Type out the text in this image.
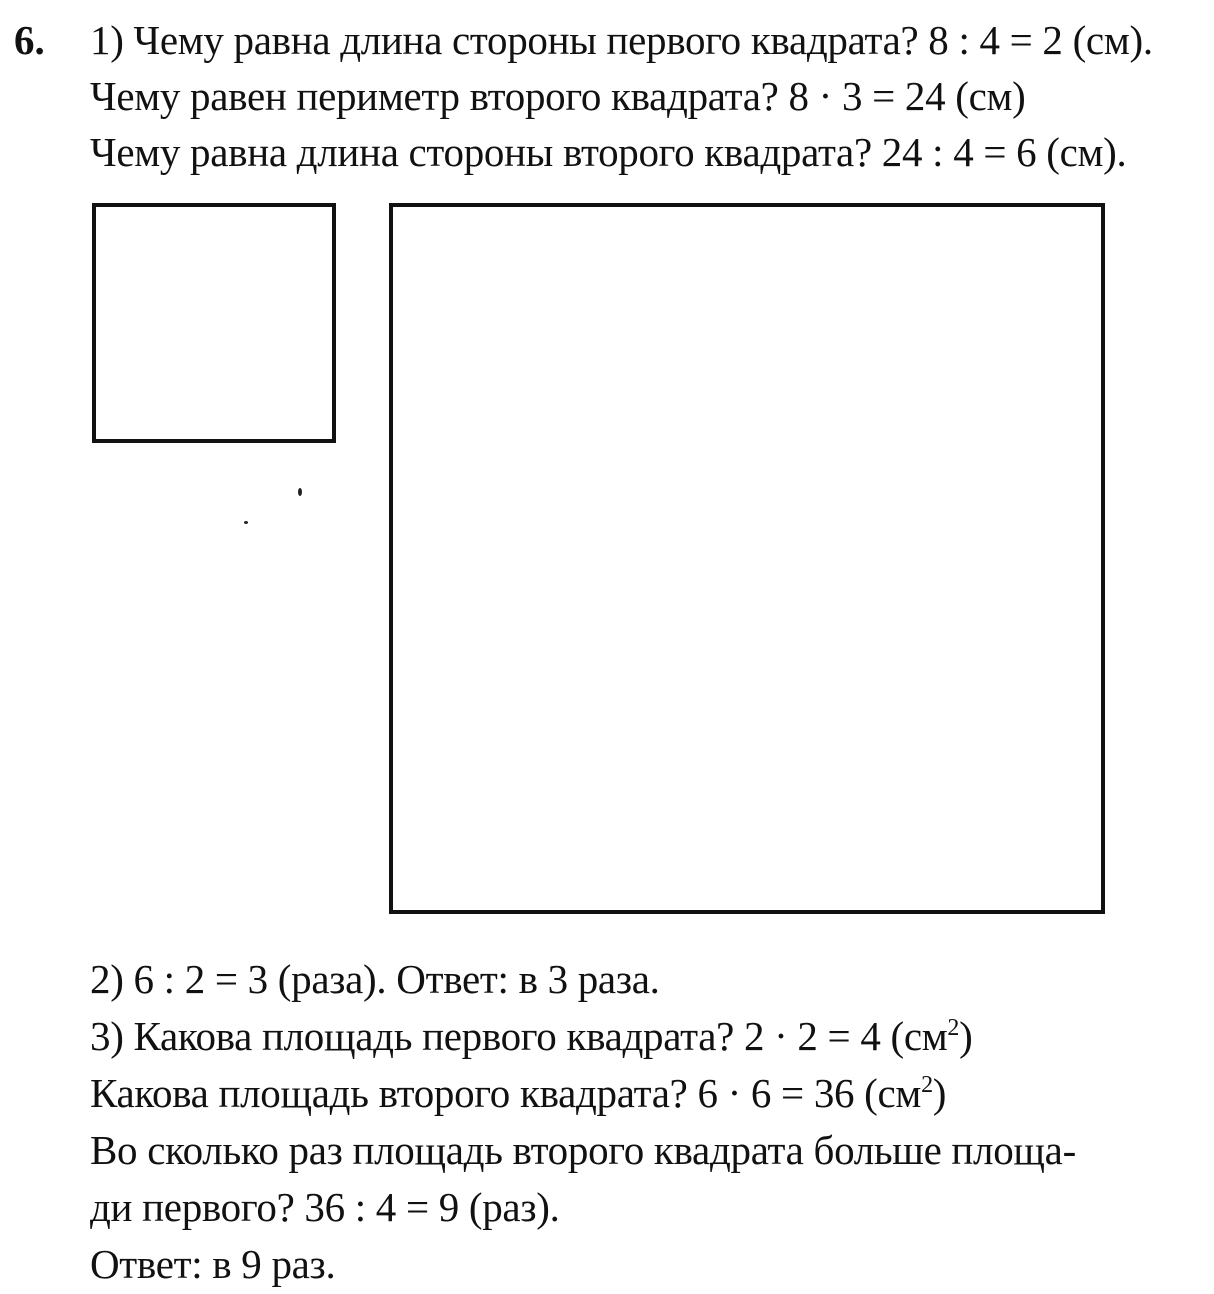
6. 1) Чему равна длина стороны первого квадрата? 8 : 4 = 2 (см).
Чему равен периметр второго квадрата? 8 · 3 = 24 (см)
Чему равна длина стороны второго квадрата? 24 : 4 = 6 (см).
2) 6 : 2 = 3 (раза). Ответ: в 3 раза.
3) Какова площадь первого квадрата? 2 · 2 = 4 $(см^2)$
Какова площадь второго квадрата? 6 · 6 = 36 $(см^2)$
Во сколько раз площадь второго квадрата больше площа-
ди первого? 36 : 4 = 9 (раз).
Ответ: в 9 раз.
